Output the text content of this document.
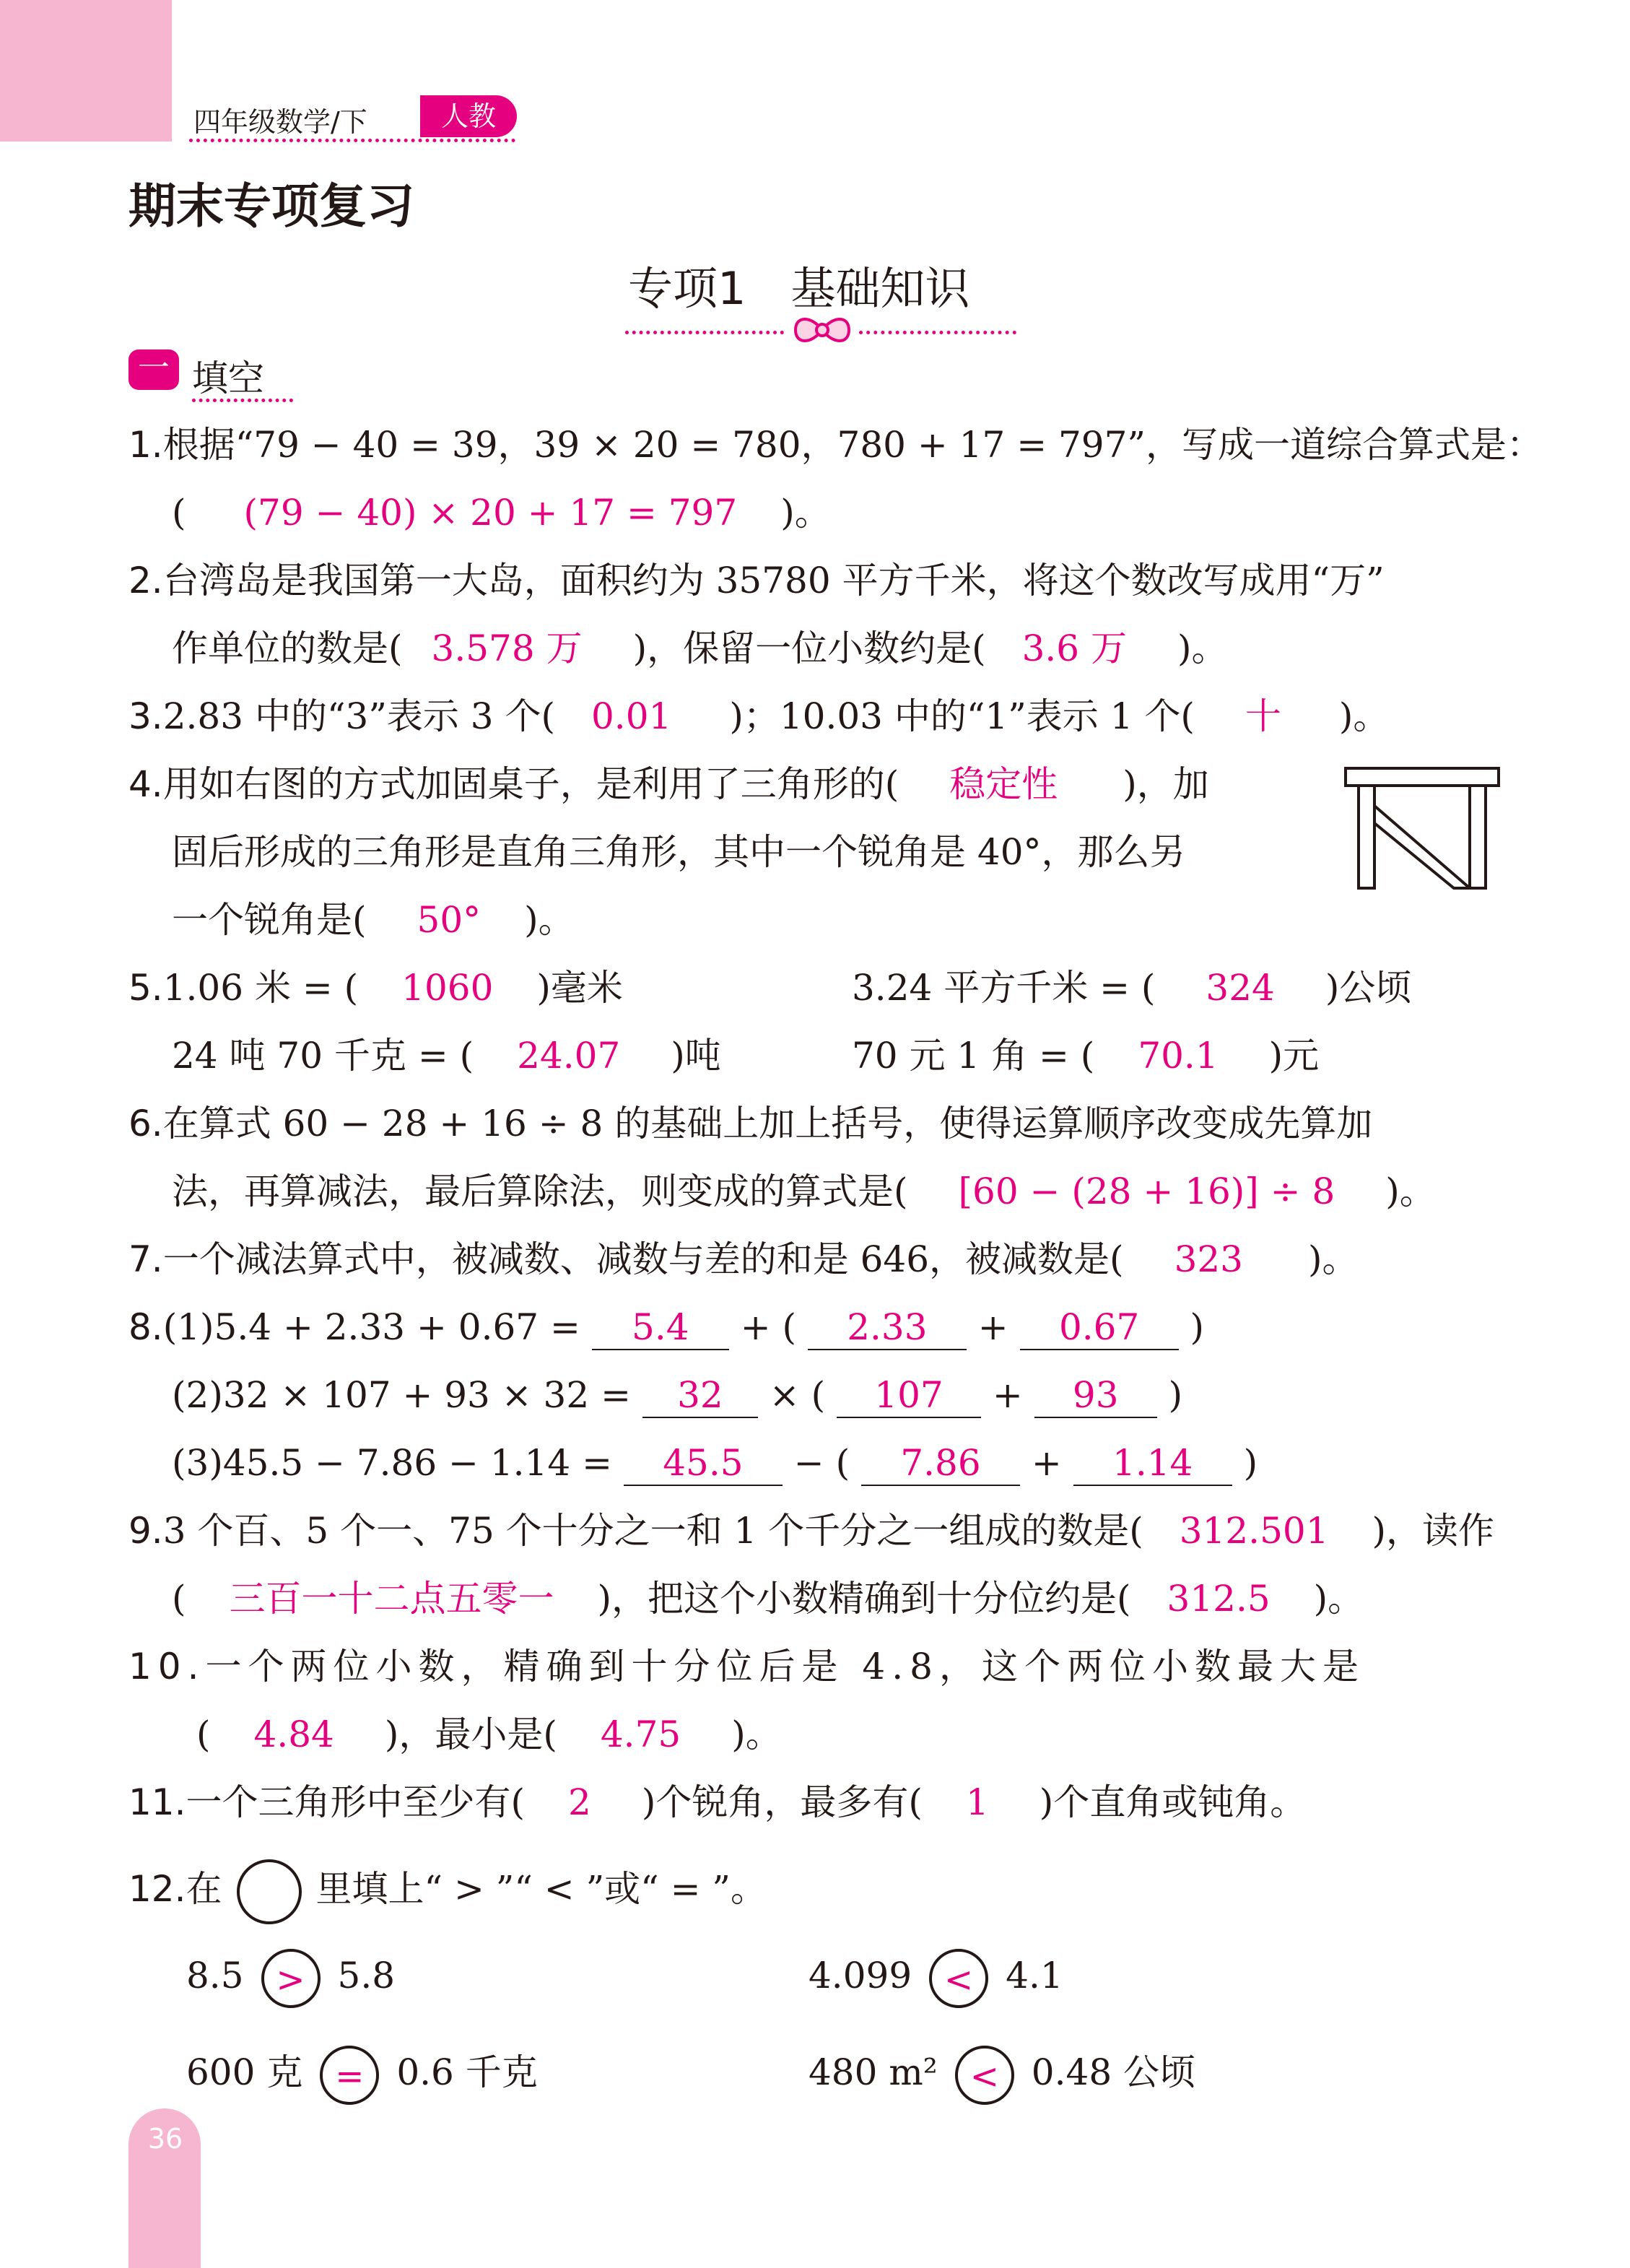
四年级数学/下	人教
期末专项复习
专项1　基础知识
一 填空
1.根据“79 − 40 = 39，39 × 20 = 780，780 + 17 = 797”，写成一道综合算式是：
( (79 − 40) × 20 + 17 = 797 )。
2.台湾岛是我国第一大岛，面积约为 35780 平方千米，将这个数改写成用“万”
作单位的数是( 3.578 万 )，保留一位小数约是( 3.6 万 )。
3.2.83 中的“3”表示 3 个( 0.01 )；10.03 中的“1”表示 1 个( 十 )。
4.用如右图的方式加固桌子，是利用了三角形的( 稳定性 )，加
固后形成的三角形是直角三角形，其中一个锐角是 40°，那么另
一个锐角是( 50° )。
5.1.06 米 = ( 1060 )毫米	3.24 平方千米 = ( 324 )公顷
24 吨 70 千克 = ( 24.07 )吨	70 元 1 角 = ( 70.1 )元
6.在算式 60 − 28 + 16 ÷ 8 的基础上加上括号，使得运算顺序改变成先算加
法，再算减法，最后算除法，则变成的算式是( [60 − (28 + 16)] ÷ 8 )。
7.一个减法算式中，被减数、减数与差的和是 646，被减数是( 323 )。
8.(1)5.4 + 2.33 + 0.67 = 5.4 + ( 2.33 + 0.67 )
(2)32 × 107 + 93 × 32 = 32 × ( 107 + 93 )
(3)45.5 − 7.86 − 1.14 = 45.5 − ( 7.86 + 1.14 )
9.3 个百、5 个一、75 个十分之一和 1 个千分之一组成的数是( 312.501 )，读作
( 三百一十二点五零一 )，把这个小数精确到十分位约是( 312.5 )。
10.一个两位小数，精确到十分位后是 4.8，这个两位小数最大是
( 4.84 )，最小是( 4.75 )。
11.一个三角形中至少有( 2 )个锐角，最多有( 1 )个直角或钝角。
12.在	里填上“ > ”“ < ”或“ = ”。
8.5 > 5.8	4.099 < 4.1
600 克 = 0.6 千克	480 m² < 0.48 公顷
36
